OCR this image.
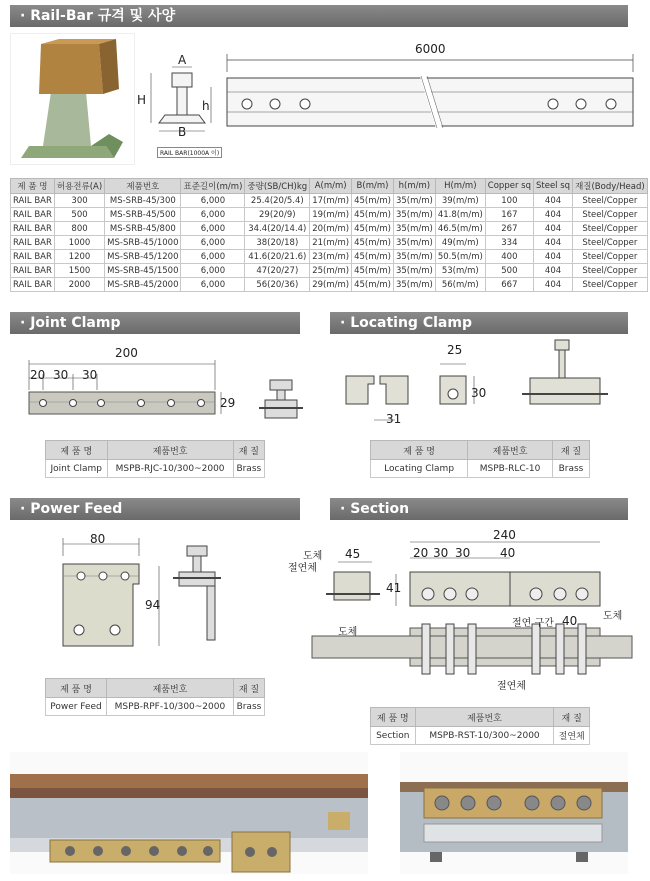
· Rail-Bar 규격 및 사양
A
H	h
B
RAIL BAR(1000A 이)
6000
제 품 명	허용전류(A)	제품번호	표준길이(m/m)	중량(SB/CH)kg	A(m/m)	B(m/m)	h(m/m)	H(m/m)	Copper sq	Steel sq	재질(Body/Head)
RAIL BAR	300	MS-SRB-45/300	6,000	25.4(20/5.4)	17(m/m)	45(m/m)	35(m/m)	39(m/m)	100	404	Steel/Copper
RAIL BAR	500	MS-SRB-45/500	6,000	29(20/9)	19(m/m)	45(m/m)	35(m/m)	41.8(m/m)	167	404	Steel/Copper
RAIL BAR	800	MS-SRB-45/800	6,000	34.4(20/14.4)	20(m/m)	45(m/m)	35(m/m)	46.5(m/m)	267	404	Steel/Copper
RAIL BAR	1000	MS-SRB-45/1000	6,000	38(20/18)	21(m/m)	45(m/m)	35(m/m)	49(m/m)	334	404	Steel/Copper
RAIL BAR	1200	MS-SRB-45/1200	6,000	41.6(20/21.6)	23(m/m)	45(m/m)	35(m/m)	50.5(m/m)	400	404	Steel/Copper
RAIL BAR	1500	MS-SRB-45/1500	6,000	47(20/27)	25(m/m)	45(m/m)	35(m/m)	53(m/m)	500	404	Steel/Copper
RAIL BAR	2000	MS-SRB-45/2000	6,000	56(20/36)	29(m/m)	45(m/m)	35(m/m)	56(m/m)	667	404	Steel/Copper
· Joint Clamp
200
20 30 30
29
제 품 명	제품번호	재 질
Joint Clamp	MSPB-RJC-10/300~2000	Brass
· Locating Clamp
25
30
31
제 품 명	제품번호	재 질
Locating Clamp	MSPB-RLC-10	Brass
· Power Feed
80
94
제 품 명	제품번호	재 질
Power Feed	MSPB-RPF-10/300~2000	Brass
· Section
240
20 30 30 40
45
41
도체
절연체
절연 구간 40	도체
도체
절연체
제 품 명	제품번호	재 질
Section	MSPB-RST-10/300~2000	절연체
